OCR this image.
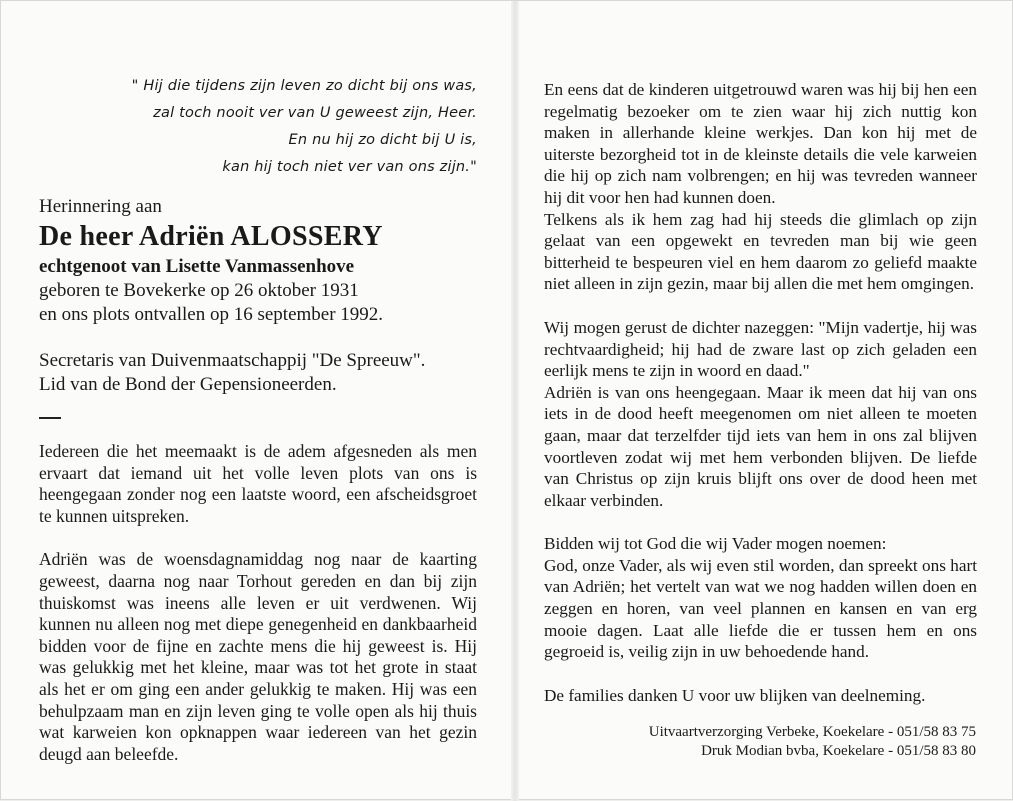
" Hij die tijdens zijn leven zo dicht bij ons was,
zal toch nooit ver van U geweest zijn, Heer.
En nu hij zo dicht bij U is,
kan hij toch niet ver van ons zijn."

Herinnering aan

De heer Adriën ALOSSERY

echtgenoot van Lisette Vanmassenhove

geboren te Bovekerke op 26 oktober 1931

en ons plots ontvallen op 16 september 1992.

Secretaris van Duivenmaatschappij "De Spreeuw".

Lid van de Bond der Gepensioneerden.

Iedereen die het meemaakt is de adem afgesneden als men ervaart dat iemand uit het volle leven plots van ons is heengegaan zonder nog een laatste woord, een afscheidsgroet te kunnen uitspreken.

Adriën was de woensdagnamiddag nog naar de kaarting geweest, daarna nog naar Torhout gereden en dan bij zijn thuiskomst was ineens alle leven er uit verdwenen. Wij kunnen nu alleen nog met diepe genegenheid en dankbaarheid bidden voor de fijne en zachte mens die hij geweest is. Hij was gelukkig met het kleine, maar was tot het grote in staat als het er om ging een ander gelukkig te maken. Hij was een behulpzaam man en zijn leven ging te volle open als hij thuis wat karweien kon opknappen waar iedereen van het gezin deugd aan beleefde.

En eens dat de kinderen uitgetrouwd waren was hij bij hen een regelmatig bezoeker om te zien waar hij zich nuttig kon maken in allerhande kleine werkjes. Dan kon hij met de uiterste bezorgheid tot in de kleinste details die vele karweien die hij op zich nam volbrengen; en hij was tevreden wanneer hij dit voor hen had kunnen doen.

Telkens als ik hem zag had hij steeds die glimlach op zijn gelaat van een opgewekt en tevreden man bij wie geen bitterheid te bespeuren viel en hem daarom zo geliefd maakte niet alleen in zijn gezin, maar bij allen die met hem omgingen.

Wij mogen gerust de dichter nazeggen: "Mijn vadertje, hij was rechtvaardigheid; hij had de zware last op zich geladen een eerlijk mens te zijn in woord en daad."

Adriën is van ons heengegaan. Maar ik meen dat hij van ons iets in de dood heeft meegenomen om niet alleen te moeten gaan, maar dat terzelfder tijd iets van hem in ons zal blijven voortleven zodat wij met hem verbonden blijven. De liefde van Christus op zijn kruis blijft ons over de dood heen met elkaar verbinden.

Bidden wij tot God die wij Vader mogen noemen:

God, onze Vader, als wij even stil worden, dan spreekt ons hart van Adriën; het vertelt van wat we nog hadden willen doen en zeggen en horen, van veel plannen en kansen en van erg mooie dagen. Laat alle liefde die er tussen hem en ons gegroeid is, veilig zijn in uw behoedende hand.

De families danken U voor uw blijken van deelneming.

Uitvaartverzorging Verbeke, Koekelare - 051/58 83 75
Druk Modian bvba, Koekelare - 051/58 83 80
